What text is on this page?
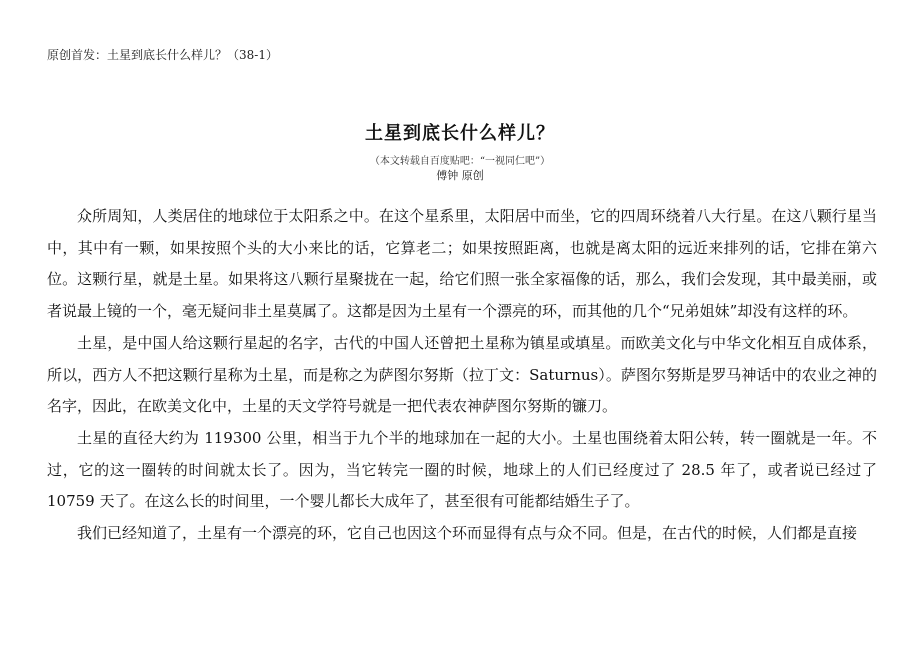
原创首发：土星到底长什么样儿？（38-1）
土星到底长什么样儿？
（本文转载自百度贴吧：“一视同仁吧”）
傅钟 原创

众所周知，人类居住的地球位于太阳系之中。在这个星系里，太阳居中而坐，它的四周环绕着八大行星。在这八颗行星当中，其中有一颗，如果按照个头的大小来比的话，它算老二；如果按照距离，也就是离太阳的远近来排列的话，它排在第六位。这颗行星，就是土星。如果将这八颗行星聚拢在一起，给它们照一张全家福像的话，那么，我们会发现，其中最美丽，或者说最上镜的一个，毫无疑问非土星莫属了。这都是因为土星有一个漂亮的环，而其他的几个“兄弟姐妹”却没有这样的环。

土星，是中国人给这颗行星起的名字，古代的中国人还曾把土星称为镇星或填星。而欧美文化与中华文化相互自成体系，所以，西方人不把这颗行星称为土星，而是称之为萨图尔努斯（拉丁文：Saturnus）。萨图尔努斯是罗马神话中的农业之神的名字，因此，在欧美文化中，土星的天文学符号就是一把代表农神萨图尔努斯的镰刀。

土星的直径大约为 119300 公里，相当于九个半的地球加在一起的大小。土星也围绕着太阳公转，转一圈就是一年。不过，它的这一圈转的时间就太长了。因为，当它转完一圈的时候，地球上的人们已经度过了 28.5 年了，或者说已经过了 10759 天了。在这么长的时间里，一个婴儿都长大成年了，甚至很有可能都结婚生子了。

我们已经知道了，土星有一个漂亮的环，它自己也因这个环而显得有点与众不同。但是，在古代的时候，人们都是直接
